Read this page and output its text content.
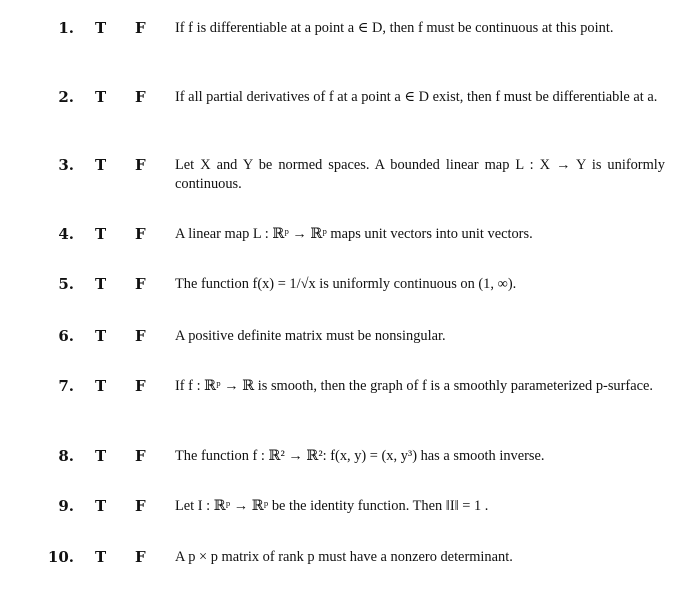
1. T F If f is differentiable at a point a ∈ D, then f must be continuous at this point.
2. T F If all partial derivatives of f at a point a ∈ D exist, then f must be differentiable at a.
3. T F Let X and Y be normed spaces. A bounded linear map L : X → Y is uniformly continuous.
4. T F A linear map L : ℝᵖ → ℝᵖ maps unit vectors into unit vectors.
5. T F The function f(x) = 1/√x is uniformly continuous on (1, ∞).
6. T F A positive definite matrix must be nonsingular.
7. T F If f : ℝᵖ → ℝ is smooth, then the graph of f is a smoothly parameterized p-surface.
8. T F The function f : ℝ² → ℝ²: f(x, y) = (x, y³) has a smooth inverse.
9. T F Let I : ℝᵖ → ℝᵖ be the identity function. Then ‖I‖ = 1 .
10. T F A p × p matrix of rank p must have a nonzero determinant.
